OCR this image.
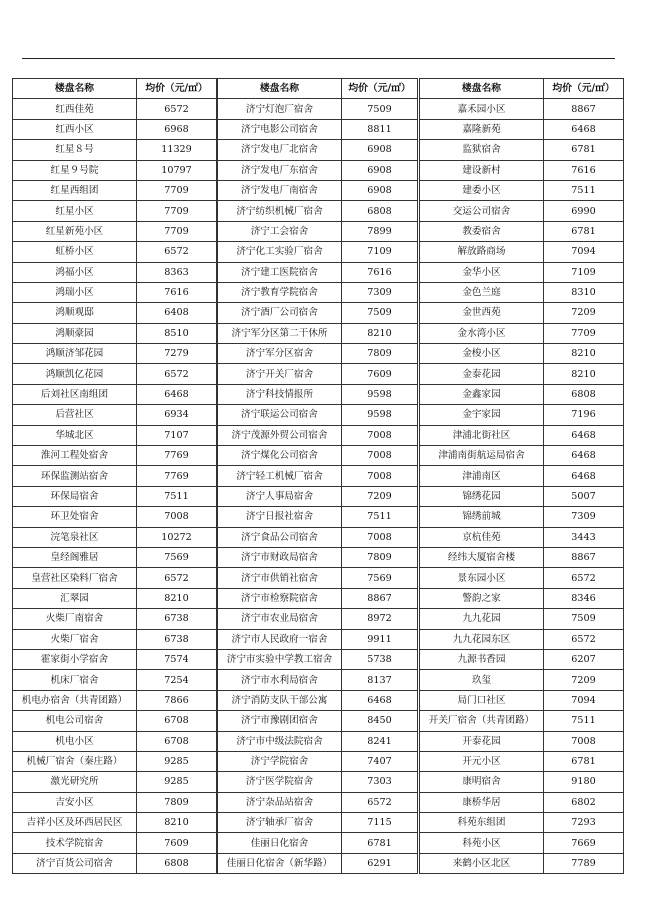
楼盘名称	均价（元/㎡）
红西佳苑	6572
红西小区	6968
红星８号	11329
红星９号院	10797
红星西组团	7709
红星小区	7709
红星新苑小区	7709
虹桥小区	6572
鸿福小区	8363
鸿瑞小区	7616
鸿顺观邸	6408
鸿顺豪园	8510
鸿顺济邹花园	7279
鸿顺凯亿花园	6572
后刘社区南组团	6468
后营社区	6934
华城北区	7107
淮河工程处宿舍	7769
环保监测站宿舍	7769
环保局宿舍	7511
环卫处宿舍	7008
浣笔泉社区	10272
皇经阁雅居	7569
皇营社区染料厂宿舍	6572
汇翠园	8210
火柴厂南宿舍	6738
火柴厂宿舍	6738
霍家街小学宿舍	7574
机床厂宿舍	7254
机电办宿舍（共青团路）	7866
机电公司宿舍	6708
机电小区	6708
机械厂宿舍（秦庄路）	9285
激光研究所	9285
吉安小区	7809
吉祥小区及环西居民区	8210
技术学院宿舍	7609
济宁百货公司宿舍	6808
楼盘名称	均价（元/㎡）
济宁灯泡厂宿舍	7509
济宁电影公司宿舍	8811
济宁发电厂北宿舍	6908
济宁发电厂东宿舍	6908
济宁发电厂南宿舍	6908
济宁纺织机械厂宿舍	6808
济宁工会宿舍	7899
济宁化工实验厂宿舍	7109
济宁建工医院宿舍	7616
济宁教育学院宿舍	7309
济宁酒厂公司宿舍	7509
济宁军分区第二干休所	8210
济宁军分区宿舍	7809
济宁开关厂宿舍	7609
济宁科技情报所	9598
济宁联运公司宿舍	9598
济宁茂源外贸公司宿舍	7008
济宁煤化公司宿舍	7008
济宁轻工机械厂宿舍	7008
济宁人事局宿舍	7209
济宁日报社宿舍	7511
济宁食品公司宿舍	7008
济宁市财政局宿舍	7809
济宁市供销社宿舍	7569
济宁市检察院宿舍	8867
济宁市农业局宿舍	8972
济宁市人民政府一宿舍	9911
济宁市实验中学教工宿舍	5738
济宁市水利局宿舍	8137
济宁消防支队干部公寓	6468
济宁市豫剧团宿舍	8450
济宁市中级法院宿舍	8241
济宁学院宿舍	7407
济宁医学院宿舍	7303
济宁杂品站宿舍	6572
济宁轴承厂宿舍	7115
佳丽日化宿舍	6781
佳丽日化宿舍（新华路）	6291
楼盘名称	均价（元/㎡）
嘉禾园小区	8867
嘉隆新苑	6468
监狱宿舍	6781
建设新村	7616
建委小区	7511
交运公司宿舍	6990
教委宿舍	6781
解放路商场	7094
金华小区	7109
金色兰庭	8310
金世西苑	7209
金水湾小区	7709
金梭小区	8210
金泰花园	8210
金鑫家园	6808
金宇家园	7196
津浦北街社区	6468
津浦南街航运局宿舍	6468
津浦南区	6468
锦绣花园	5007
锦绣前城	7309
京杭佳苑	3443
经纬大厦宿舍楼	8867
景东园小区	6572
警韵之家	8346
九九花园	7509
九九花园东区	6572
九源书香园	6207
玖玺	7209
局门口社区	7094
开关厂宿舍（共青团路）	7511
开泰花园	7008
开元小区	6781
康明宿舍	9180
康桥华居	6802
科苑东组团	7293
科苑小区	7669
来鹤小区北区	7789
